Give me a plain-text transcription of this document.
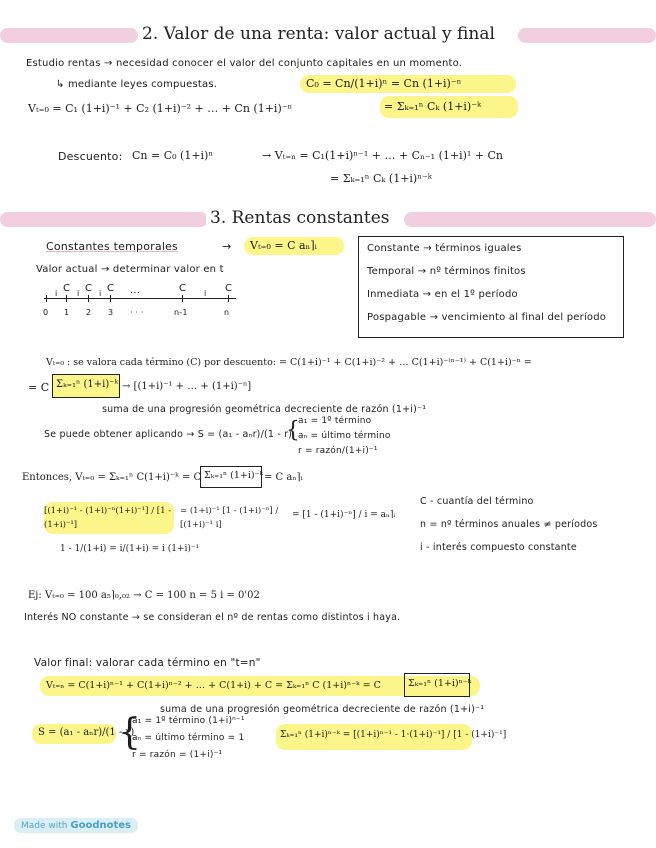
2. Valor de una renta: valor actual y final
Estudio rentas → necesidad conocer el valor del conjunto capitales en un momento.
↳ mediante leyes compuestas.	C₀ = Cn/(1+i)ⁿ = Cn (1+i)⁻ⁿ
Vₜ₌₀ = C₁ (1+i)⁻¹ + C₂ (1+i)⁻² + … + Cn (1+i)⁻ⁿ	= Σₖ₌₁ⁿ Cₖ (1+i)⁻ᵏ
Descuento: Cn = C₀ (1+i)ⁿ	→ Vₜ₌ₙ = C₁(1+i)ⁿ⁻¹ + … + Cₙ₋₁ (1+i)¹ + Cn
= Σₖ₌₁ⁿ Cₖ (1+i)ⁿ⁻ᵏ
3. Rentas constantes
Constantes temporales	→ Vₜ₌₀ = C aₙ⌉ᵢ	Constante → términos iguales
Temporal → nº términos finitos
Inmediata → en el 1º período
Pospagable → vencimiento al final del período
Valor actual → determinar valor en t
C C C ...	C	C
i i i	i
0 1 2 3 · · ·	n-1	n
Vₜ₌₀ : se valora cada término (C) por descuento: = C(1+i)⁻¹ + C(1+i)⁻² + … C(1+i)⁻⁽ⁿ⁻¹⁾ + C(1+i)⁻ⁿ =
= C Σₖ₌₁ⁿ (1+i)⁻ᵏ → [(1+i)⁻¹ + … + (1+i)⁻ⁿ]
suma de una progresión geométrica decreciente de razón (1+i)⁻¹
Se puede obtener aplicando → S = (a₁ - aₙr)/(1 - r)
{
a₁ = 1º término
aₙ = último término
r = razón/(1+i)⁻¹
Entonces, Vₜ₌₀ = Σₖ₌₁ⁿ C(1+i)⁻ᵏ = C Σₖ₌₁ⁿ (1+i)⁻ᵏ = C aₙ⌉ᵢ
[(1+i)⁻¹ - (1+i)⁻ⁿ(1+i)⁻¹] / [1 - (1+i)⁻¹]
= (1+i)⁻¹ [1 - (1+i)⁻ⁿ] / [(1+i)⁻¹ i]
= [1 - (1+i)⁻ⁿ] / i = aₙ⌉ᵢ
1 - 1/(1+i) = i/(1+i) = i (1+i)⁻¹
C - cuantía del término
n = nº términos anuales ≠ períodos
i - interés compuesto constante
Ej: Vₜ₌₀ = 100 a₅⌉₀,₀₂ → C = 100 n = 5 i = 0'02
Interés NO constante → se consideran el nº de rentas como distintos i haya.
Valor final: valorar cada término en "t=n"
Vₜ₌ₙ = C(1+i)ⁿ⁻¹ + C(1+i)ⁿ⁻² + … + C(1+i) + C = Σₖ₌₁ⁿ C (1+i)ⁿ⁻ᵏ = C	Σₖ₌₁ⁿ (1+i)ⁿ⁻ᵏ
suma de una progresión geométrica decreciente de razón (1+i)⁻¹
S = (a₁ - aₙr)/(1 - r)
{
a₁ = 1º término (1+i)ⁿ⁻¹
aₙ = último término = 1
r = razón = (1+i)⁻¹
Σₖ₌₁ⁿ (1+i)ⁿ⁻ᵏ = [(1+i)ⁿ⁻¹ - 1·(1+i)⁻¹] / [1 - (1+i)⁻¹]
Made with Goodnotes
